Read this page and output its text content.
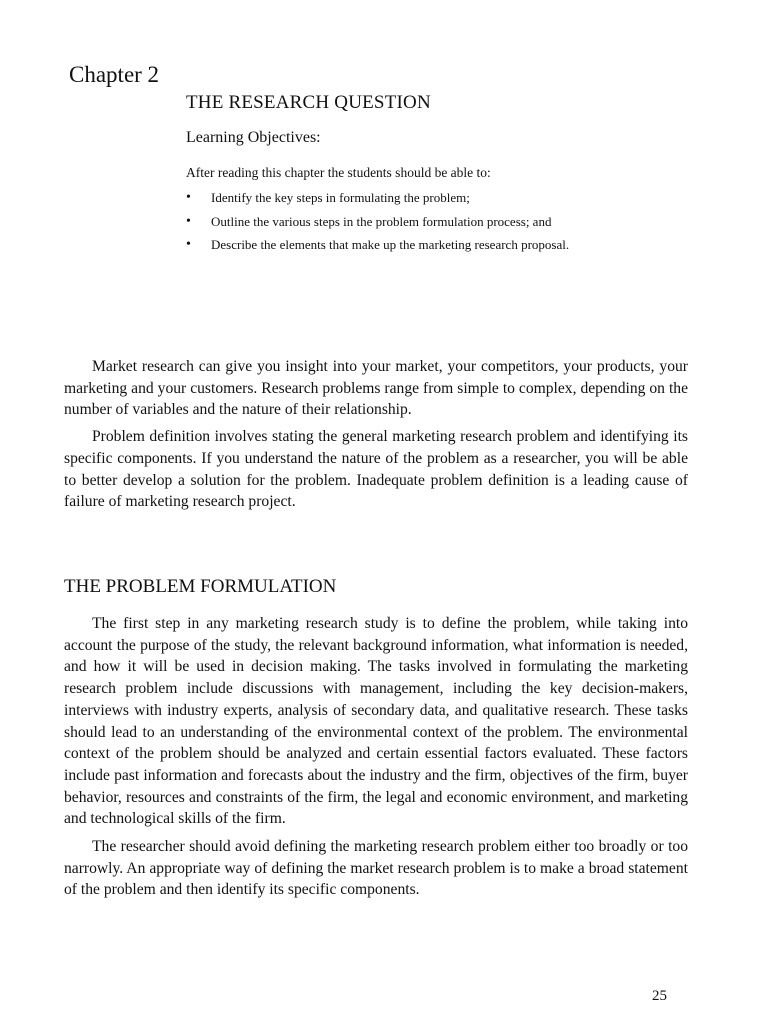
Chapter 2
THE RESEARCH QUESTION
Learning Objectives:

After reading this chapter the students should be able to:

• Identify the key steps in formulating the problem;
• Outline the various steps in the problem formulation process; and
• Describe the elements that make up the marketing research proposal.

Market research can give you insight into your market, your competitors, your products, your marketing and your customers. Research problems range from simple to complex, depending on the number of variables and the nature of their relationship.

Problem definition involves stating the general marketing research problem and identifying its specific components. If you understand the nature of the problem as a researcher, you will be able to better develop a solution for the problem. Inadequate problem definition is a leading cause of failure of marketing research project.

THE PROBLEM FORMULATION

The first step in any marketing research study is to define the problem, while taking into account the purpose of the study, the relevant background information, what information is needed, and how it will be used in decision making. The tasks involved in formulating the marketing research problem include discussions with management, including the key decision-makers, interviews with industry experts, analysis of secondary data, and qualitative research. These tasks should lead to an understanding of the environmental context of the problem. The environmental context of the problem should be analyzed and certain essential factors evaluated. These factors include past information and forecasts about the industry and the firm, objectives of the firm, buyer behavior, resources and constraints of the firm, the legal and economic environment, and marketing and technological skills of the firm.

The researcher should avoid defining the marketing research problem either too broadly or too narrowly. An appropriate way of defining the market research problem is to make a broad statement of the problem and then identify its specific components.

25
